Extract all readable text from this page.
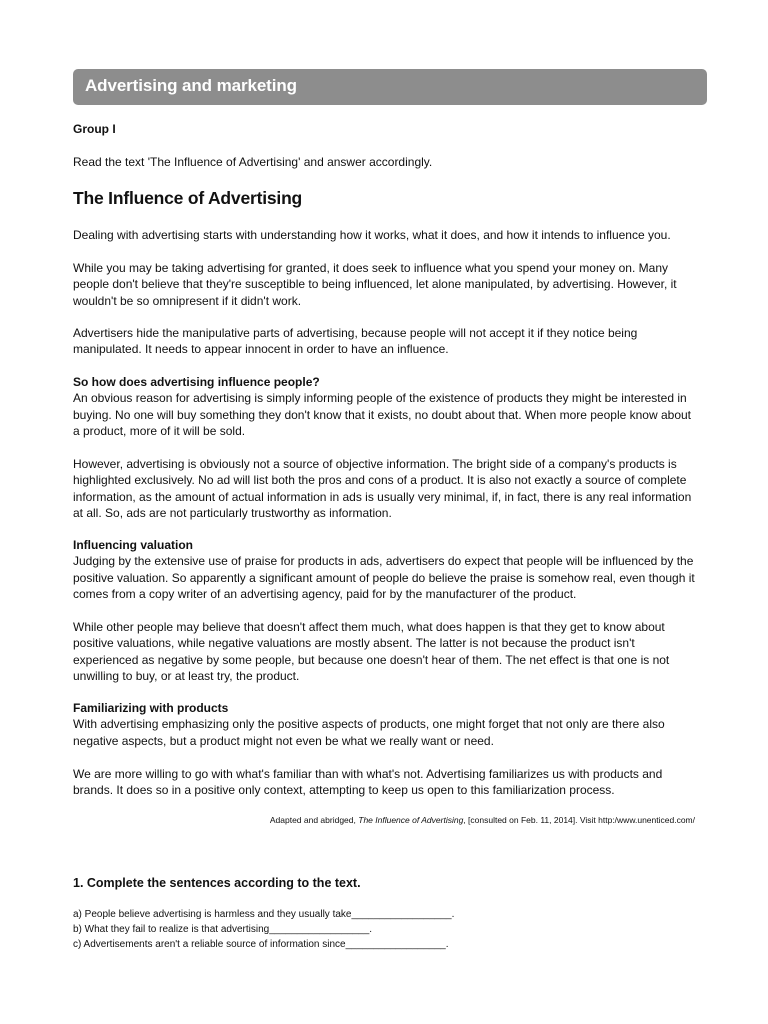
Advertising and marketing
Group I
Read the text 'The Influence of Advertising' and answer accordingly.
The Influence of Advertising

Dealing with advertising starts with understanding how it works, what it does, and how it intends to influence you.

While you may be taking advertising for granted, it does seek to influence what you spend your money on. Many people don't believe that they're susceptible to being influenced, let alone manipulated, by advertising. However, it wouldn't be so omnipresent if it didn't work.

Advertisers hide the manipulative parts of advertising, because people will not accept it if they notice being manipulated. It needs to appear innocent in order to have an influence.

So how does advertising influence people?
An obvious reason for advertising is simply informing people of the existence of products they might be interested in buying. No one will buy something they don't know that it exists, no doubt about that. When more people know about a product, more of it will be sold.

However, advertising is obviously not a source of objective information. The bright side of a company's products is highlighted exclusively. No ad will list both the pros and cons of a product. It is also not exactly a source of complete information, as the amount of actual information in ads is usually very minimal, if, in fact, there is any real information at all. So, ads are not particularly trustworthy as information.

Influencing valuation
Judging by the extensive use of praise for products in ads, advertisers do expect that people will be influenced by the positive valuation. So apparently a significant amount of people do believe the praise is somehow real, even though it comes from a copy writer of an advertising agency, paid for by the manufacturer of the product.

While other people may believe that doesn't affect them much, what does happen is that they get to know about positive valuations, while negative valuations are mostly absent. The latter is not because the product isn't experienced as negative by some people, but because one doesn't hear of them. The net effect is that one is not unwilling to buy, or at least try, the product.

Familiarizing with products
With advertising emphasizing only the positive aspects of products, one might forget that not only are there also negative aspects, but a product might not even be what we really want or need.

We are more willing to go with what's familiar than with what's not. Advertising familiarizes us with products and brands. It does so in a positive only context, attempting to keep us open to this familiarization process.

Adapted and abridged, The Influence of Advertising, [consulted on Feb. 11, 2014]. Visit http:/www.unenticed.com/
1. Complete the sentences according to the text.
a) People believe advertising is harmless and they usually take__________________.
b) What they fail to realize is that advertising__________________.
c) Advertisements aren't a reliable source of information since__________________.
